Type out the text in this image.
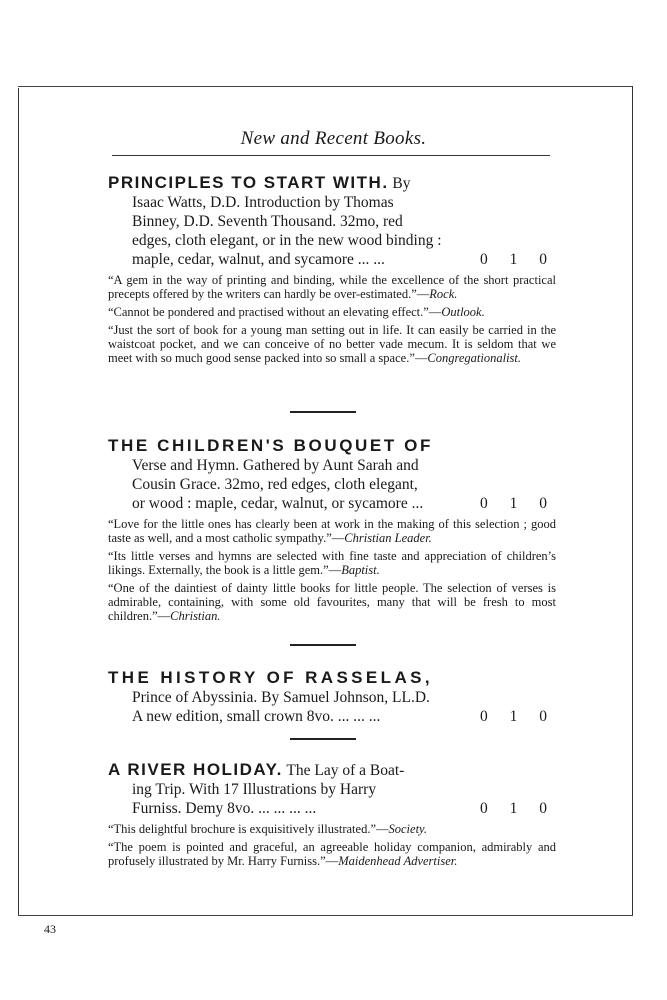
New and Recent Books.
PRINCIPLES TO START WITH. By
Isaac Watts, D.D. Introduction by Thomas
Binney, D.D. Seventh Thousand. 32mo, red
edges, cloth elegant, or in the new wood binding :
maple, cedar, walnut, and sycamore ... ...	0 1 0
“A gem in the way of printing and binding, while the excellence of the short practical precepts offered by the writers can hardly be over-estimated.”—Rock.
“Cannot be pondered and practised without an elevating effect.”—Outlook.
“Just the sort of book for a young man setting out in life. It can easily be carried in the waistcoat pocket, and we can conceive of no better vade mecum. It is seldom that we meet with so much good sense packed into so small a space.”—Congregationalist.
THE CHILDREN'S BOUQUET OF
Verse and Hymn. Gathered by Aunt Sarah and
Cousin Grace. 32mo, red edges, cloth elegant,
or wood : maple, cedar, walnut, or sycamore ...	0 1 0
“Love for the little ones has clearly been at work in the making of this selection ; good taste as well, and a most catholic sympathy.”—Christian Leader.
“Its little verses and hymns are selected with fine taste and appreciation of children’s likings. Externally, the book is a little gem.”—Baptist.
“One of the daintiest of dainty little books for little people. The selection of verses is admirable, containing, with some old favourites, many that will be fresh to most children.”—Christian.
THE HISTORY OF RASSELAS,
Prince of Abyssinia. By Samuel Johnson, LL.D.
A new edition, small crown 8vo. ... ... ...	0 1 0
A RIVER HOLIDAY. The Lay of a Boat-
ing Trip. With 17 Illustrations by Harry
Furniss. Demy 8vo. ... ... ... ...	0 1 0
“This delightful brochure is exquisitively illustrated.”—Society.
“The poem is pointed and graceful, an agreeable holiday companion, admirably and profusely illustrated by Mr. Harry Furniss.”—Maidenhead Advertiser.
43
